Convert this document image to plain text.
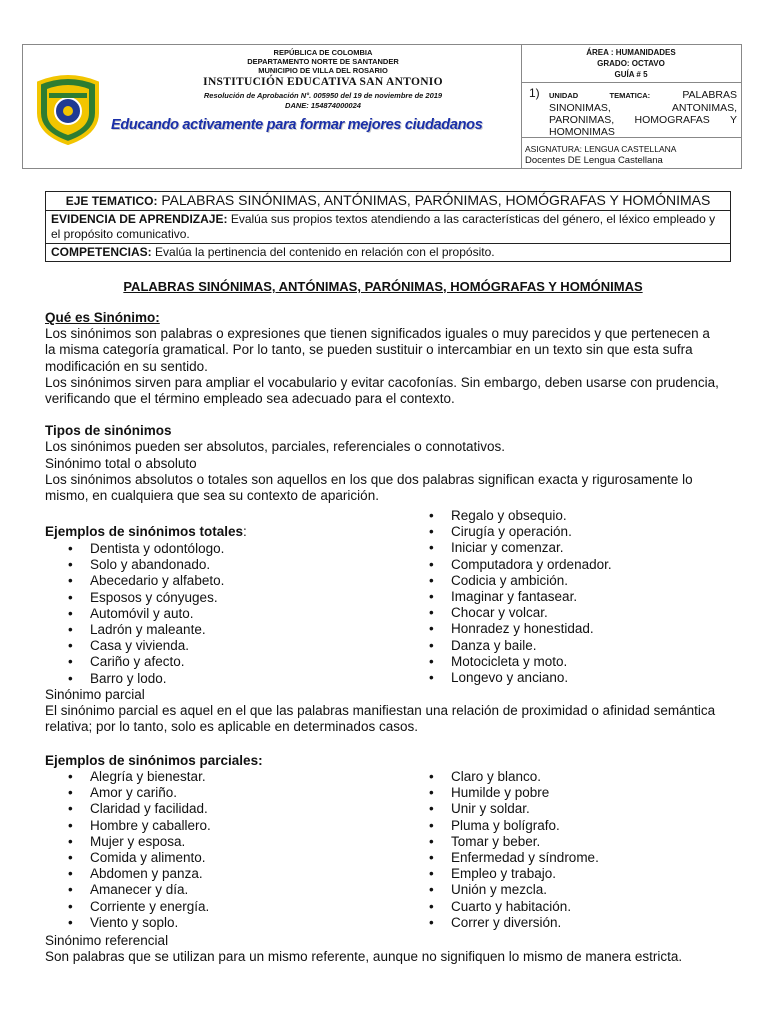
REPÚBLICA DE COLOMBIA
DEPARTAMENTO NORTE DE SANTANDER
MUNICIPIO DE VILLA DEL ROSARIO
INSTITUCIÓN EDUCATIVA SAN ANTONIO
Resolución de Aprobación N°. 005950 del 19 de noviembre de 2019
DANE: 154874000024
Educando activamente para formar mejores ciudadanos
ÁREA : HUMANIDADES
GRADO: OCTAVO
GUÍA # 5
1) UNIDAD TEMATICA:	PALABRAS SINONIMAS, ANTONIMAS, PARONIMAS, HOMOGRAFAS Y HOMONIMAS
ASIGNATURA: LENGUA CASTELLANA
Docentes DE Lengua Castellana
EJE TEMATICO: PALABRAS SINÓNIMAS, ANTÓNIMAS, PARÓNIMAS, HOMÓGRAFAS Y HOMÓNIMAS
EVIDENCIA DE APRENDIZAJE: Evalúa sus propios textos atendiendo a las características del género, el léxico empleado y el propósito comunicativo.
COMPETENCIAS: Evalúa la pertinencia del contenido en relación con el propósito.
PALABRAS SINÓNIMAS, ANTÓNIMAS, PARÓNIMAS, HOMÓGRAFAS Y HOMÓNIMAS
Qué es Sinónimo:
Los sinónimos son palabras o expresiones que tienen significados iguales o muy parecidos y que pertenecen a la misma categoría gramatical. Por lo tanto, se pueden sustituir o intercambiar en un texto sin que esta sufra modificación en su sentido.
Los sinónimos sirven para ampliar el vocabulario y evitar cacofonías. Sin embargo, deben usarse con prudencia, verificando que el término empleado sea adecuado para el contexto.
Tipos de sinónimos
Los sinónimos pueden ser absolutos, parciales, referenciales o connotativos.
Sinónimo total o absoluto
Los sinónimos absolutos o totales son aquellos en los que dos palabras significan exacta y rigurosamente lo mismo, en cualquiera que sea su contexto de aparición.
Ejemplos de sinónimos totales:
• Dentista y odontólogo.
• Solo y abandonado.
• Abecedario y alfabeto.
• Esposos y cónyuges.
• Automóvil y auto.
• Ladrón y maleante.
• Casa y vivienda.
• Cariño y afecto.
• Barro y lodo.
• Regalo y obsequio.
• Cirugía y operación.
• Iniciar y comenzar.
• Computadora y ordenador.
• Codicia y ambición.
• Imaginar y fantasear.
• Chocar y volcar.
• Honradez y honestidad.
• Danza y baile.
• Motocicleta y moto.
• Longevo y anciano.
Sinónimo parcial
El sinónimo parcial es aquel en el que las palabras manifiestan una relación de proximidad o afinidad semántica relativa; por lo tanto, solo es aplicable en determinados casos.
Ejemplos de sinónimos parciales:
• Alegría y bienestar.
• Amor y cariño.
• Claridad y facilidad.
• Hombre y caballero.
• Mujer y esposa.
• Comida y alimento.
• Abdomen y panza.
• Amanecer y día.
• Corriente y energía.
• Viento y soplo.
• Claro y blanco.
• Humilde y pobre
• Unir y soldar.
• Pluma y bolígrafo.
• Tomar y beber.
• Enfermedad y síndrome.
• Empleo y trabajo.
• Unión y mezcla.
• Cuarto y habitación.
• Correr y diversión.
Sinónimo referencial
Son palabras que se utilizan para un mismo referente, aunque no signifiquen lo mismo de manera estricta.
